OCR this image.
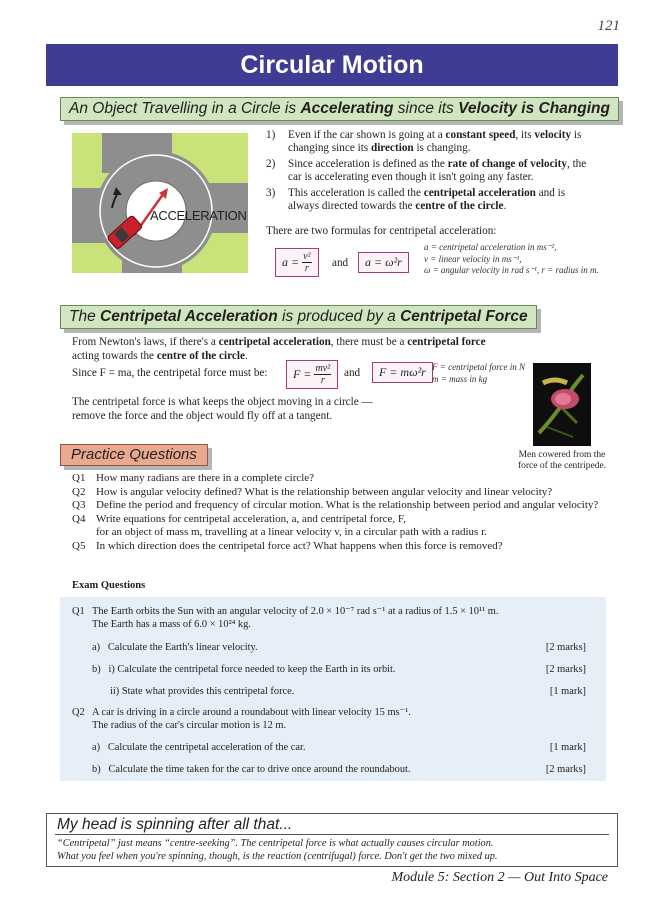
121
Circular Motion
An Object Travelling in a Circle is Accelerating since its Velocity is Changing
ACCELERATION
1) Even if the car shown is going at a constant speed, its velocity is changing since its direction is changing.
2) Since acceleration is defined as the rate of change of velocity, the car is accelerating even though it isn't going any faster.
3) This acceleration is called the centripetal acceleration and is always directed towards the centre of the circle.
There are two formulas for centripetal acceleration:
$a = \frac{\text{v²}}{r}$ and	a = ω²r
a = centripetal acceleration in ms⁻²,
v = linear velocity in ms⁻¹,
ω = angular velocity in rad s⁻¹, r = radius in m.
The Centripetal Acceleration is produced by a Centripetal Force
From Newton's laws, if there's a centripetal acceleration, there must be a centripetal force acting towards the centre of the circle.
Since F = ma, the centripetal force must be: $F = \frac{\text{mv²}}{r}$ and	F = mω²r F = centripetal force in N
m = mass in kg
The centripetal force is what keeps the object moving in a circle — remove the force and the object would fly off at a tangent.
Men cowered from the force of the centripede.
Practice Questions
Q1 How many radians are there in a complete circle?
Q2 How is angular velocity defined? What is the relationship between angular velocity and linear velocity?
Q3 Define the period and frequency of circular motion. What is the relationship between period and angular velocity?
Q4 Write equations for centripetal acceleration, a, and centripetal force, F,
for an object of mass m, travelling at a linear velocity v, in a circular path with a radius r.
Q5 In which direction does the centripetal force act? What happens when this force is removed?
Exam Questions
Q1 The Earth orbits the Sun with an angular velocity of 2.0 × 10⁻⁷ rad s⁻¹ at a radius of 1.5 × 10¹¹ m.
The Earth has a mass of 6.0 × 10²⁴ kg.
a) Calculate the Earth's linear velocity.	[2 marks]
b) i) Calculate the centripetal force needed to keep the Earth in its orbit.	[2 marks]
ii) State what provides this centripetal force.	[1 mark]
Q2 A car is driving in a circle around a roundabout with linear velocity 15 ms⁻¹.
The radius of the car's circular motion is 12 m.
a) Calculate the centripetal acceleration of the car.	[1 mark]
b) Calculate the time taken for the car to drive once around the roundabout.	[2 marks]
My head is spinning after all that...
“Centripetal” just means “centre-seeking”. The centripetal force is what actually causes circular motion.
What you feel when you're spinning, though, is the reaction (centrifugal) force. Don't get the two mixed up.
Module 5: Section 2 — Out Into Space
